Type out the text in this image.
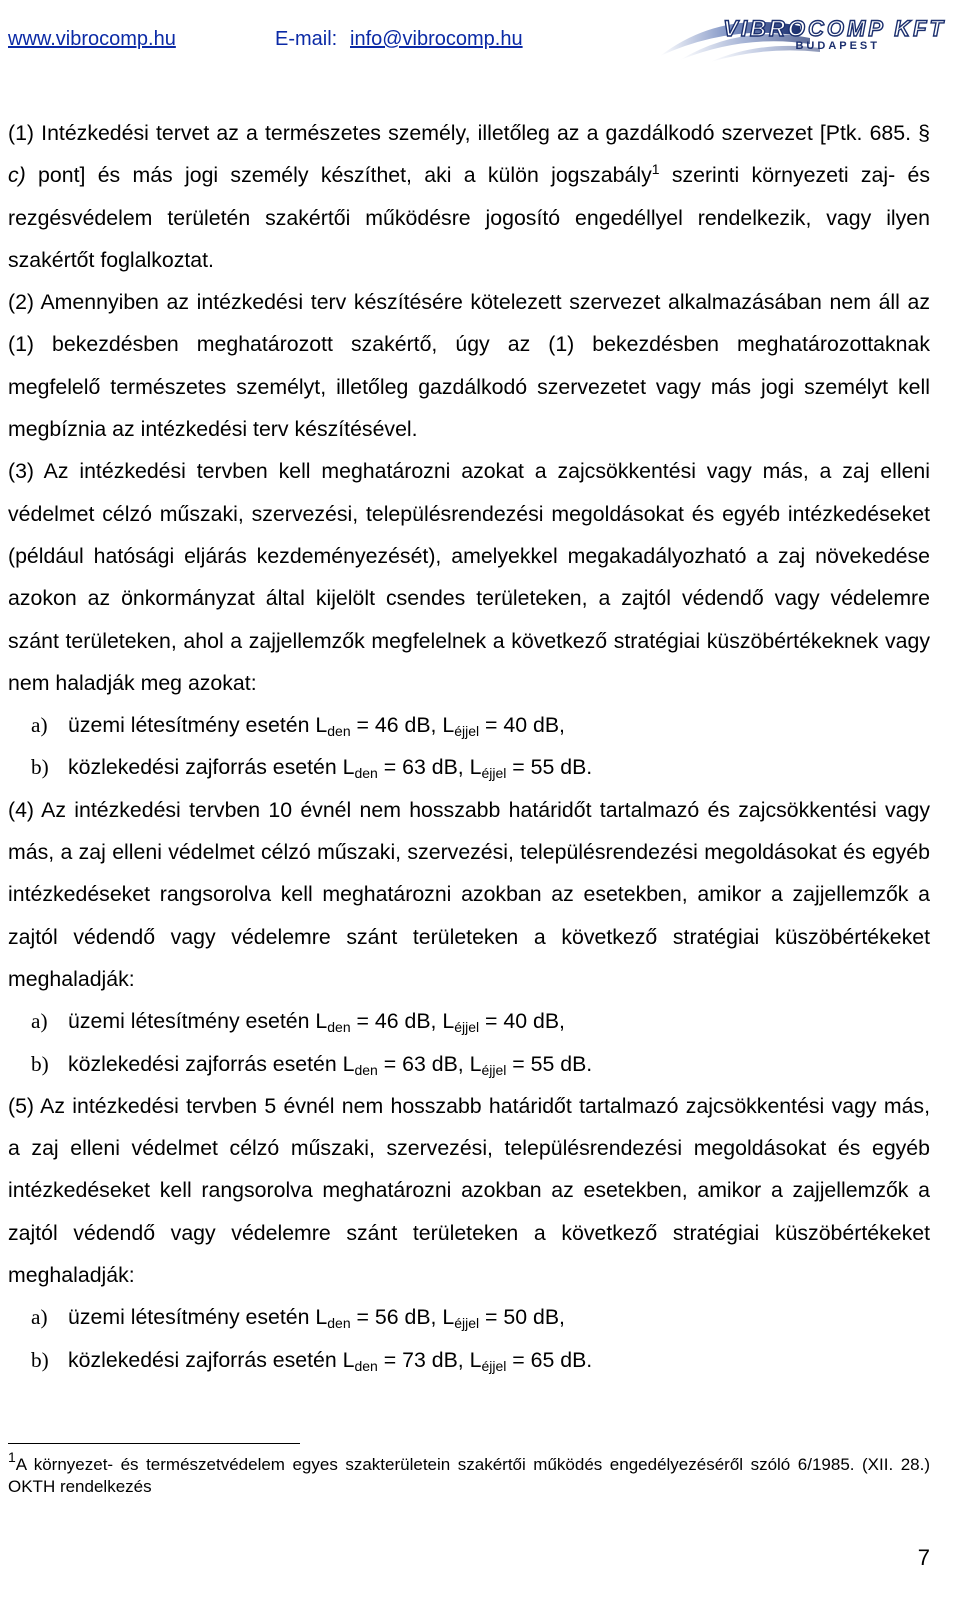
www.vibrocomp.hu	E-mail: info@vibrocomp.hu	VIBROCOMP KFT
BUDAPEST

(1) Intézkedési tervet az a természetes személy, illetőleg az a gazdálkodó szervezet [Ptk. 685. § c) pont] és más jogi személy készíthet, aki a külön jogszabály$^1$ szerinti környezeti zaj- és rezgésvédelem területén szakértői működésre jogosító engedéllyel rendelkezik, vagy ilyen szakértőt foglalkoztat.

(2) Amennyiben az intézkedési terv készítésére kötelezett szervezet alkalmazásában nem áll az (1) bekezdésben meghatározott szakértő, úgy az (1) bekezdésben meghatározottaknak megfelelő természetes személyt, illetőleg gazdálkodó szervezetet vagy más jogi személyt kell megbíznia az intézkedési terv készítésével.

(3) Az intézkedési tervben kell meghatározni azokat a zajcsökkentési vagy más, a zaj elleni védelmet célzó műszaki, szervezési, településrendezési megoldásokat és egyéb intézkedéseket (például hatósági eljárás kezdeményezését), amelyekkel megakadályozható a zaj növekedése azokon az önkormányzat által kijelölt csendes területeken, a zajtól védendő vagy védelemre szánt területeken, ahol a zajjellemzők megfelelnek a következő stratégiai küszöbértékeknek vagy nem haladják meg azokat:

a) üzemi létesítmény esetén $L_{den} = 46$ dB, $L_{éjjel} = 40$ dB,

b) közlekedési zajforrás esetén $L_{den} = 63$ dB, $L_{éjjel} = 55$ dB.

(4) Az intézkedési tervben 10 évnél nem hosszabb határidőt tartalmazó és zajcsökkentési vagy más, a zaj elleni védelmet célzó műszaki, szervezési, településrendezési megoldásokat és egyéb intézkedéseket rangsorolva kell meghatározni azokban az esetekben, amikor a zajjellemzők a zajtól védendő vagy védelemre szánt területeken a következő stratégiai küszöbértékeket meghaladják:

a) üzemi létesítmény esetén $L_{den} = 46$ dB, $L_{éjjel} = 40$ dB,

b) közlekedési zajforrás esetén $L_{den} = 63$ dB, $L_{éjjel} = 55$ dB.

(5) Az intézkedési tervben 5 évnél nem hosszabb határidőt tartalmazó zajcsökkentési vagy más, a zaj elleni védelmet célzó műszaki, szervezési, településrendezési megoldásokat és egyéb intézkedéseket kell rangsorolva meghatározni azokban az esetekben, amikor a zajjellemzők a zajtól védendő vagy védelemre szánt területeken a következő stratégiai küszöbértékeket meghaladják:

a) üzemi létesítmény esetén $L_{den} = 56$ dB, $L_{éjjel} = 50$ dB,

b) közlekedési zajforrás esetén $L_{den} = 73$ dB, $L_{éjjel} = 65$ dB.

$^1$A környezet- és természetvédelem egyes szakterületein szakértői működés engedélyezéséről szóló 6/1985. (XII. 28.) OKTH rendelkezés
7
